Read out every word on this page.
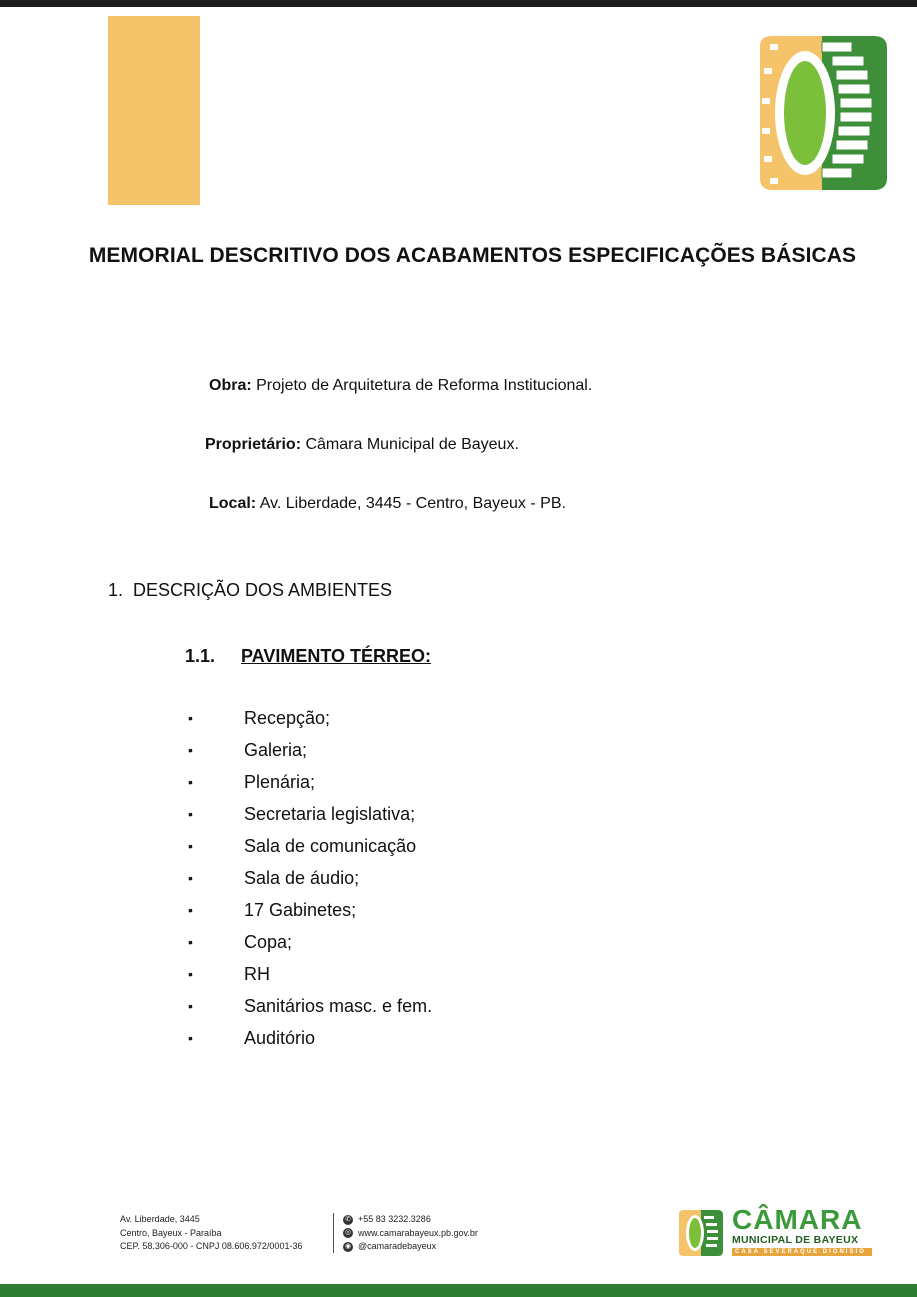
MEMORIAL DESCRITIVO DOS ACABAMENTOS ESPECIFICAÇÕES BÁSICAS
Obra: Projeto de Arquitetura de Reforma Institucional.
Proprietário: Câmara Municipal de Bayeux.
Local: Av. Liberdade, 3445 - Centro, Bayeux - PB.
1.  DESCRIÇÃO DOS AMBIENTES
1.1. PAVIMENTO TÉRREO:
•	Recepção;
•	Galeria;
•	Plenária;
•	Secretaria legislativa;
•	Sala de comunicação
•	Sala de áudio;
•	17 Gabinetes;
•	Copa;
•	RH
•	Sanitários masc. e fem.
•	Auditório
Av. Liberdade, 3445
Centro, Bayeux - Paraíba
CEP. 58.306-000 - CNPJ 08.606.972/0001-36
✆ +55 83 3232.3286
◎ www.camarabayeux.pb.gov.br
◉ @camaradebayeux
CÂMARA
MUNICIPAL DE BAYEUX
CASA SEVERAQUE DIONISIO
